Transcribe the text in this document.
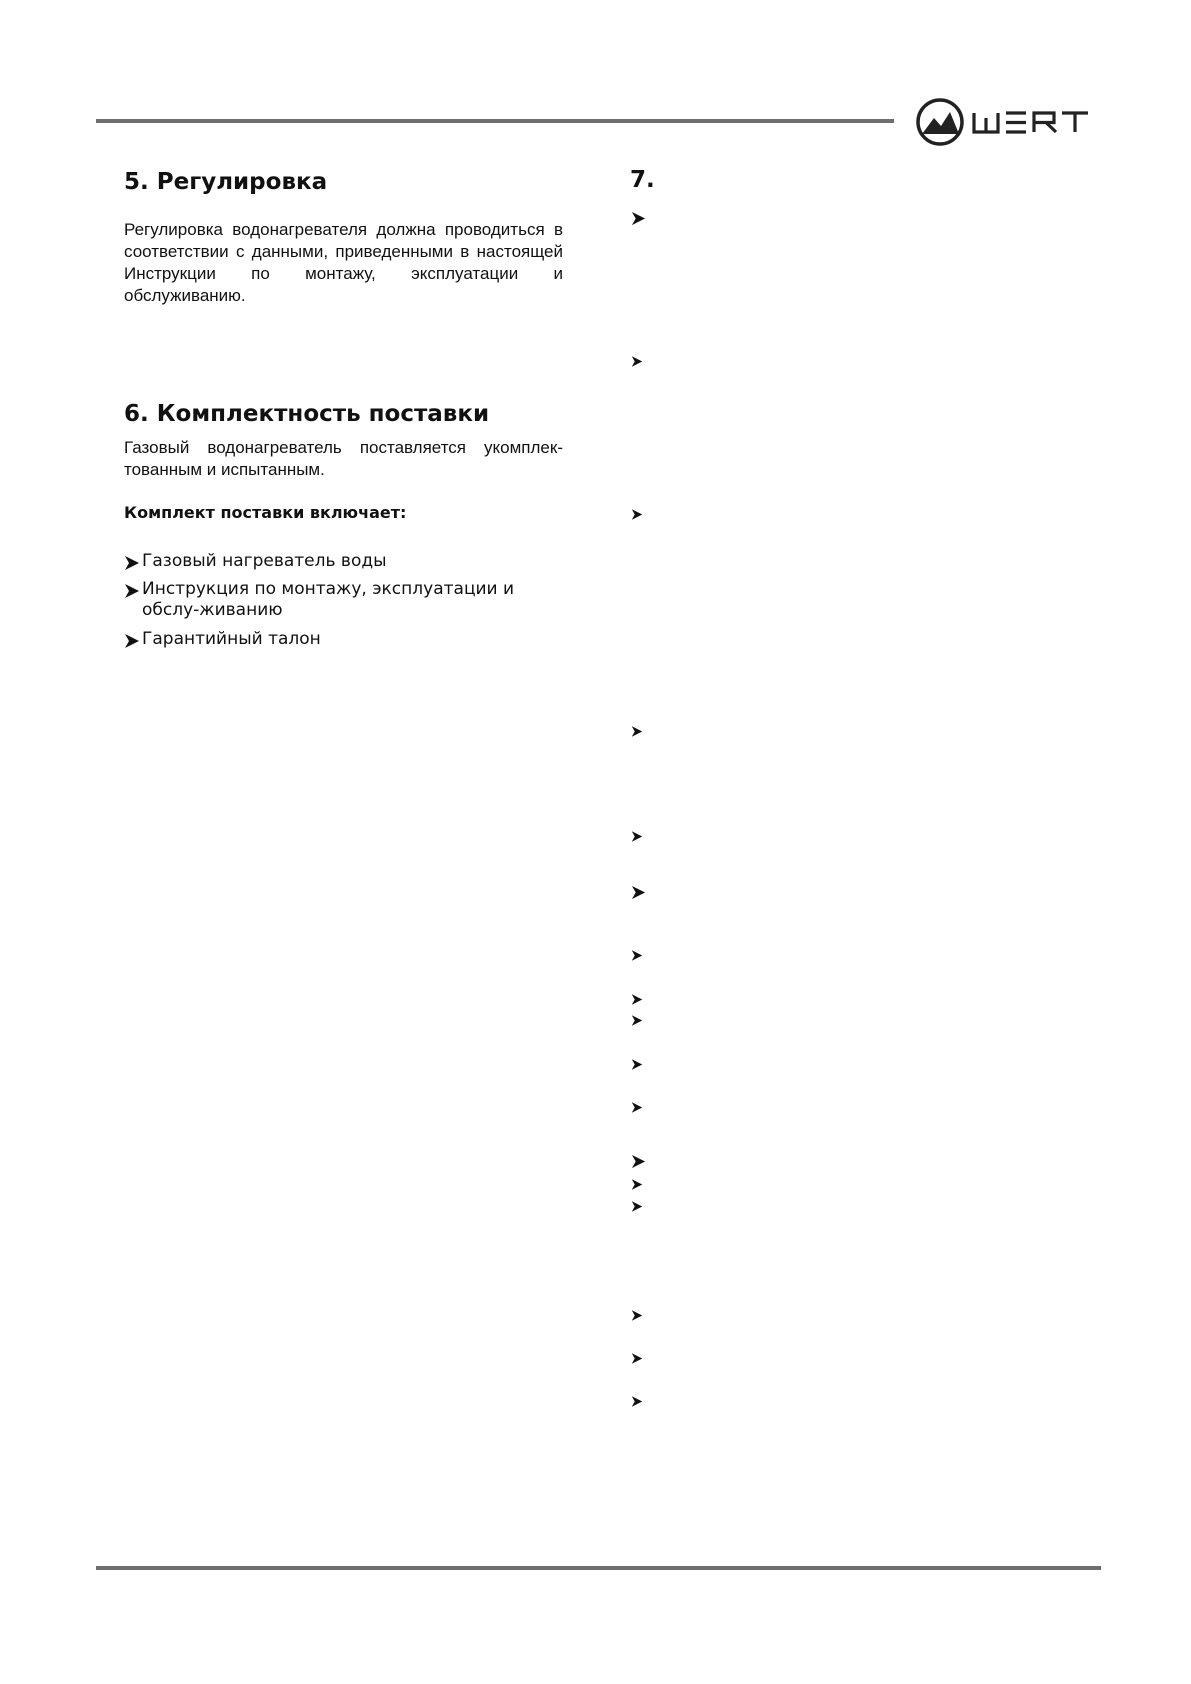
5. Регулировка

Регулировка водонагревателя должна проводиться в соответствии с данными, приведенными в настоящей Инструкции по монтажу, эксплуатации и обслуживанию.

6. Комплектность поставки

Газовый водонагреватель поставляется укомплек-тованным и испытанным.

Комплект поставки включает:

Газовый нагреватель воды
Инструкция по монтажу, эксплуатации и обслу-живанию
Гарантийный талон
7.
